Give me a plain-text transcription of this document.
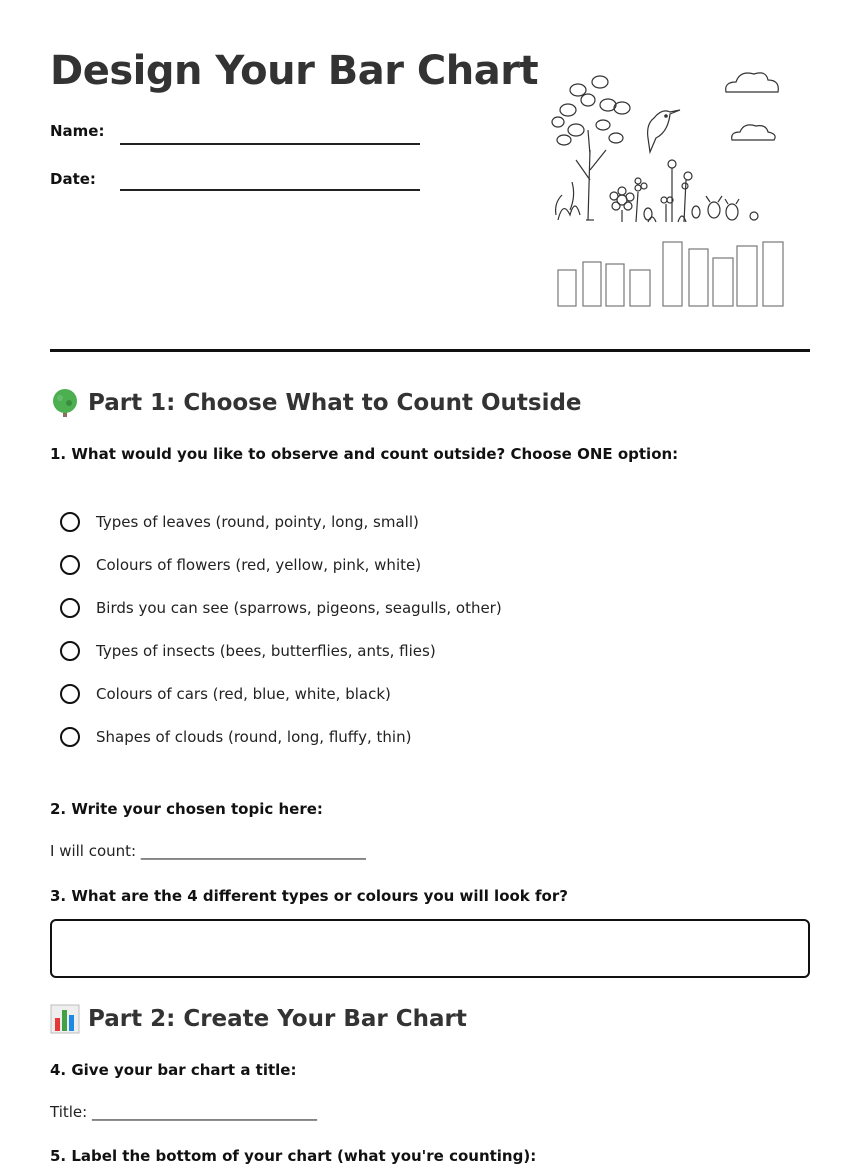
Design Your Bar Chart
Name:
Date:
Part 1: Choose What to Count Outside
1. What would you like to observe and count outside? Choose ONE option:
Types of leaves (round, pointy, long, small)
Colours of flowers (red, yellow, pink, white)
Birds you can see (sparrows, pigeons, seagulls, other)
Types of insects (bees, butterflies, ants, flies)
Colours of cars (red, blue, white, black)
Shapes of clouds (round, long, fluffy, thin)
2. Write your chosen topic here:
I will count: ______________________________
3. What are the 4 different types or colours you will look for?
Part 2: Create Your Bar Chart
4. Give your bar chart a title:
Title: ______________________________
5. Label the bottom of your chart (what you're counting):
